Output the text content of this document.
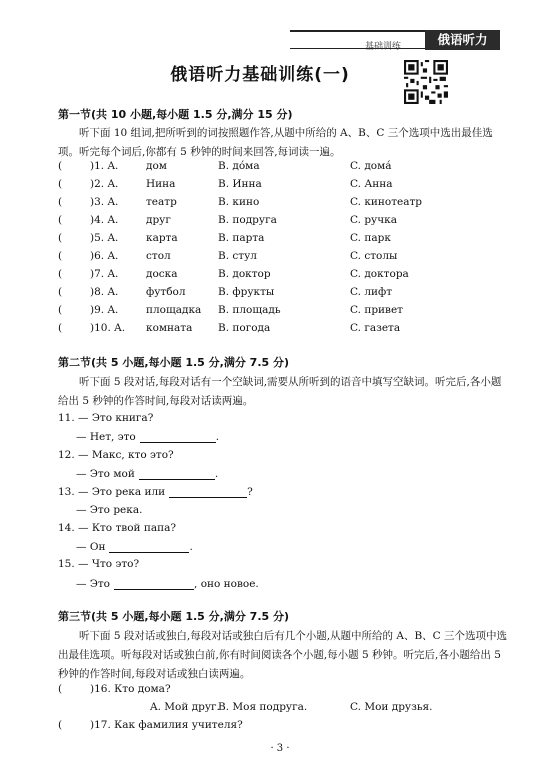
俄语听力
基础训练
俄语听力基础训练(一)
第一节(共 10 小题,每小题 1.5 分,满分 15 分)

听下面 10 组词,把所听到的词按照题作答,从题中所给的 A、B、C 三个选项中选出最佳选项。听完每个词后,你都有 5 秒钟的时间来回答,每词读一遍。

(	)1. A.	дом	B. до́ма	C. домá
(	)2. A.	Нина	B. Инна	C. Анна
(	)3. A.	театр	B. кино	C. кинотеатр
(	)4. A.	друг	B. подруга	C. ручка
(	)5. A.	карта	B. парта	C. парк
(	)6. A.	стол	B. стул	C. столы
(	)7. A.	доска	B. доктор	C. доктора
(	)8. A.	футбол	B. фрукты	C. лифт
(	)9. A.	площадка B. площадь	C. привет
(	)10. A. комната B. погода	C. газета
第二节(共 5 小题,每小题 1.5 分,满分 7.5 分)

听下面 5 段对话,每段对话有一个空缺词,需要从所听到的语音中填写空缺词。听完后,各小题给出 5 秒钟的作答时间,每段对话读两遍。

11. — Это книга?
— Нет, это	.
12. — Макс, кто это?
— Это мой	.
13. — Это река или	?
— Это река.
14. — Кто твой папа?
— Он	.
15. — Что это?
— Это	, оно новое.
第三节(共 5 小题,每小题 1.5 分,满分 7.5 分)

听下面 5 段对话或独白,每段对话或独白后有几个小题,从题中所给的 A、B、C 三个选项中选出最佳选项。听每段对话或独白前,你有时间阅读各个小题,每小题 5 秒钟。听完后,各小题给出 5 秒钟的作答时间,每段对话或独白读两遍。

(	)16. Кто дома?
A. Мой друг.
B. Моя подруга.	C. Мои друзья.
(	)17. Как фамилия учителя?
· 3 ·
